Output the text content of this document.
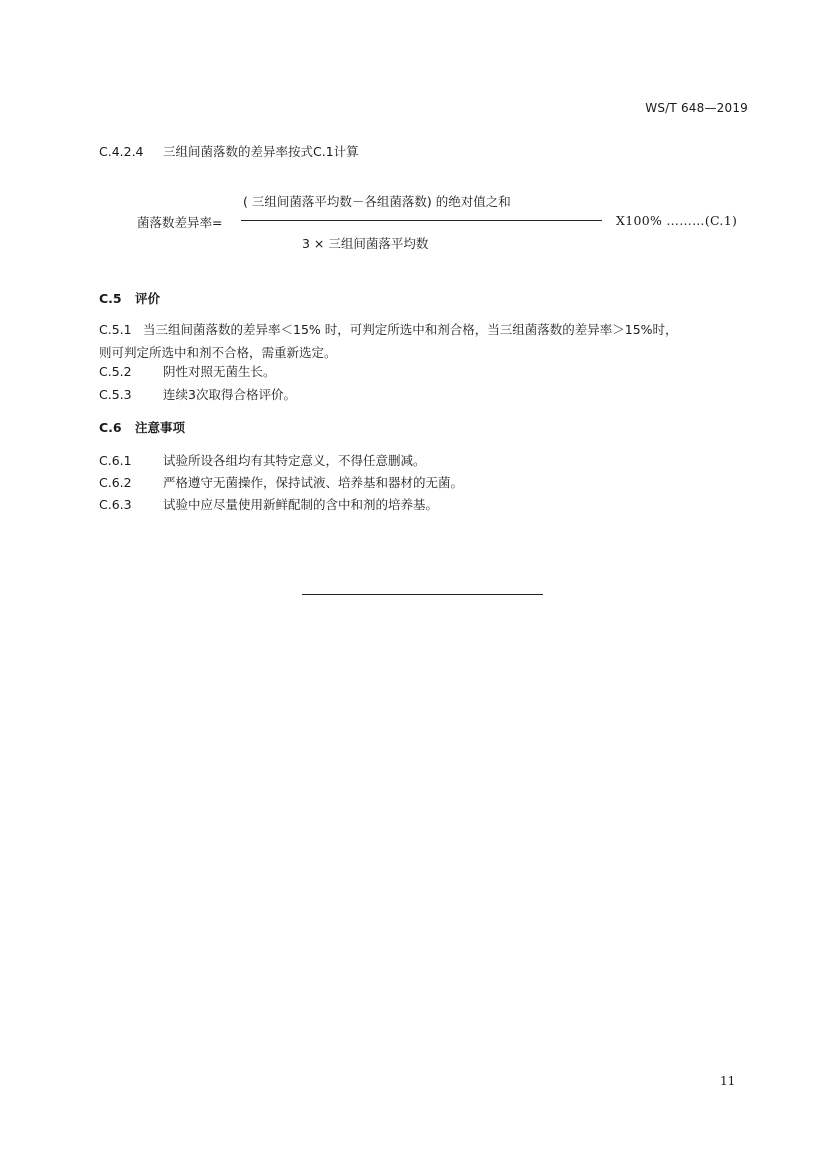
WS/T 648—2019
C.4.2.4 三组间菌落数的差异率按式C.1计算
( 三组间菌落平均数－各组菌落数) 的绝对值之和
菌落数差异率=	X100% ………(C.1)
3 × 三组间菌落平均数
C.5 评价
C.5.1 当三组间菌落数的差异率＜15% 时，可判定所选中和剂合格，当三组菌落数的差异率＞15%时，
则可判定所选中和剂不合格，需重新选定。
C.5.2	阴性对照无菌生长。
C.5.3	连续3次取得合格评价。
C.6 注意事项
C.6.1	试验所设各组均有其特定意义，不得任意删减。
C.6.2	严格遵守无菌操作，保持试液、培养基和器材的无菌。
C.6.3	试验中应尽量使用新鲜配制的含中和剂的培养基。
11
